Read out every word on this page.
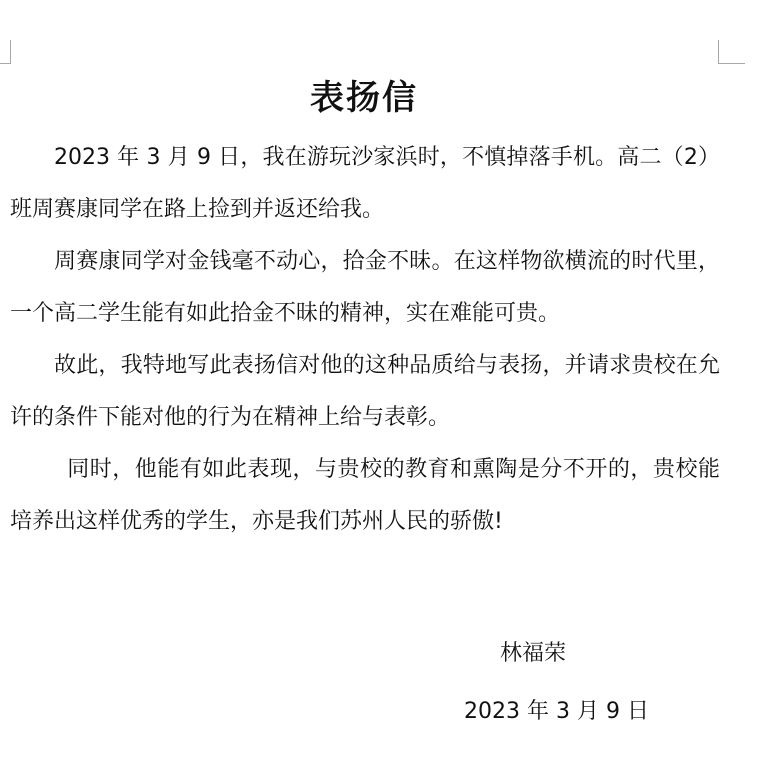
表扬信

2023 年 3 月 9 日，我在游玩沙家浜时，不慎掉落手机。高二（2）班周赛康同学在路上捡到并返还给我。

周赛康同学对金钱毫不动心，拾金不昧。在这样物欲横流的时代里，一个高二学生能有如此拾金不昧的精神，实在难能可贵。

故此，我特地写此表扬信对他的这种品质给与表扬，并请求贵校在允许的条件下能对他的行为在精神上给与表彰。

同时，他能有如此表现，与贵校的教育和熏陶是分不开的，贵校能培养出这样优秀的学生，亦是我们苏州人民的骄傲!

林福荣
2023 年 3 月 9 日
